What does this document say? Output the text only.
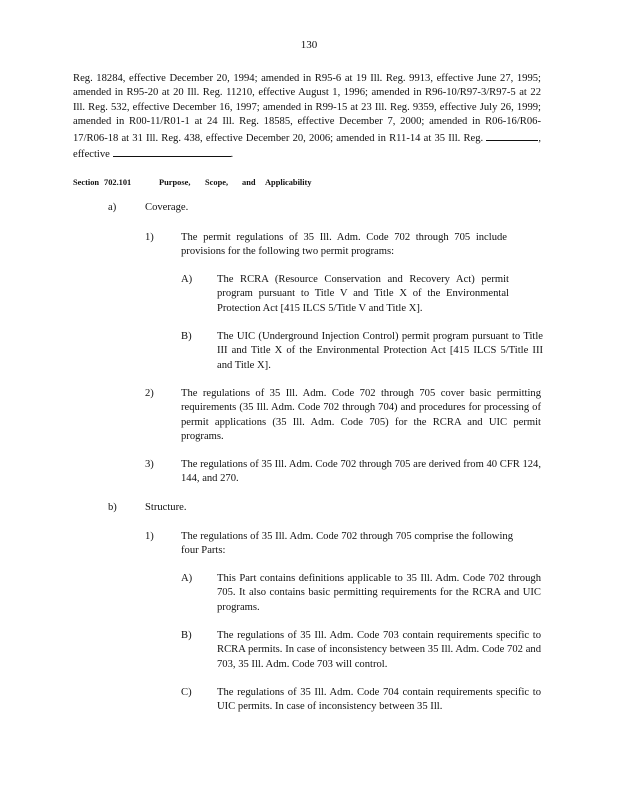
130
Reg. 18284, effective December 20, 1994; amended in R95-6 at 19 Ill. Reg. 9913, effective June 27, 1995; amended in R95-20 at 20 Ill. Reg. 11210, effective August 1, 1996; amended in R96-10/R97-3/R97-5 at 22 Ill. Reg. 532, effective December 16, 1997; amended in R99-15 at 23 Ill. Reg. 9359, effective July 26, 1999; amended in R00-11/R01-1 at 24 Ill. Reg. 18585, effective December 7, 2000; amended in R06-16/R06-17/R06-18 at 31 Ill. Reg. 438, effective December 20, 2006; amended in R11-14 at 35 Ill. Reg.	, effective	.
Section 702.101	Purpose, Scope, and Applicability
a)	Coverage.
1)	The permit regulations of 35 Ill. Adm. Code 702 through 705 include provisions for the following two permit programs:
A) The RCRA (Resource Conservation and Recovery Act) permit program pursuant to Title V and Title X of the Environmental Protection Act [415 ILCS 5/Title V and Title X].
B) The UIC (Underground Injection Control) permit program pursuant to Title III and Title X of the Environmental Protection Act [415 ILCS 5/Title III and Title X].
2)	The regulations of 35 Ill. Adm. Code 702 through 705 cover basic permitting requirements (35 Ill. Adm. Code 702 through 704) and procedures for processing of permit applications (35 Ill. Adm. Code 705) for the RCRA and UIC permit programs.
3)	The regulations of 35 Ill. Adm. Code 702 through 705 are derived from 40 CFR 124, 144, and 270.
b)	Structure.
1)	The regulations of 35 Ill. Adm. Code 702 through 705 comprise the following four Parts:
A) This Part contains definitions applicable to 35 Ill. Adm. Code 702 through 705. It also contains basic permitting requirements for the RCRA and UIC programs.
B) The regulations of 35 Ill. Adm. Code 703 contain requirements specific to RCRA permits. In case of inconsistency between 35 Ill. Adm. Code 702 and 703, 35 Ill. Adm. Code 703 will control.
C) The regulations of 35 Ill. Adm. Code 704 contain requirements specific to UIC permits. In case of inconsistency between 35 Ill.
